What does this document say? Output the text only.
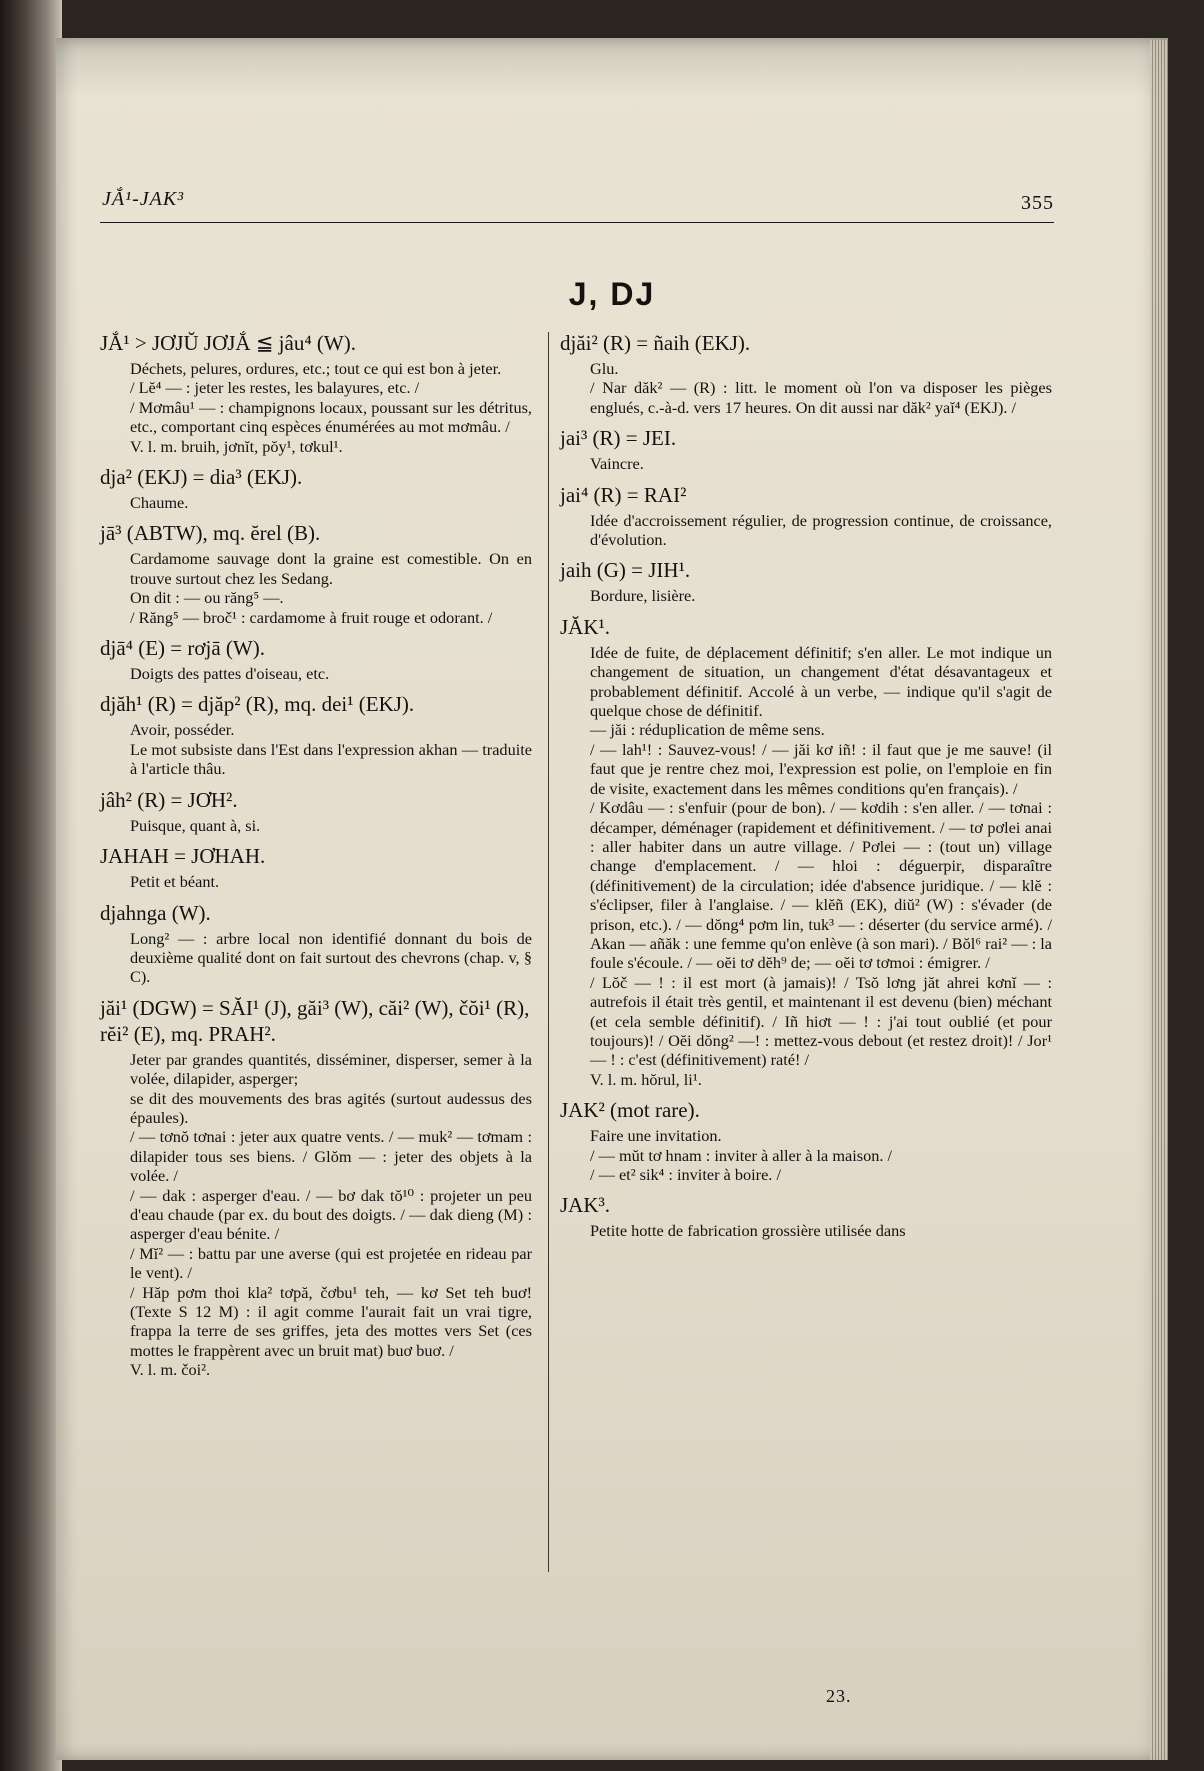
JẮ¹-JAK³	355
J, DJ
JẮ¹ > JƠJŬ JƠJẮ ≦ jâu⁴ (W).

Déchets, pelures, ordures, etc.; tout ce qui est bon à jeter.

/ Lĕ⁴ — : jeter les restes, les balayures, etc. /

/ Mơmâu¹ — : champignons locaux, poussant sur les détritus, etc., comportant cinq espèces énumérées au mot mơmâu. /

V. l. m. bruih, jơnĭt, pŏy¹, tơkul¹.

dja² (EKJ) = dia³ (EKJ).

Chaume.

jā³ (ABTW), mq. ĕrel (B).

Cardamome sauvage dont la graine est comestible. On en trouve surtout chez les Sedang.

On dit : — ou răng⁵ —.

/ Răng⁵ — broč¹ : cardamome à fruit rouge et odorant. /

djā⁴ (E) = rơjā (W).

Doigts des pattes d'oiseau, etc.

djăh¹ (R) = djăp² (R), mq. dei¹ (EKJ).

Avoir, posséder.

Le mot subsiste dans l'Est dans l'expression akhan — traduite à l'article thâu.

jâh² (R) = JƠH².

Puisque, quant à, si.

JAHAH = JƠHAH.

Petit et béant.

djahnga (W).

Long² — : arbre local non identifié donnant du bois de deuxième qualité dont on fait surtout des chevrons (chap. v, § C).

jăi¹ (DGW) = SĂI¹ (J), găi³ (W), căi² (W), čŏi¹ (R), rĕi² (E), mq. PRAH².

Jeter par grandes quantités, disséminer, disperser, semer à la volée, dilapider, asperger;

se dit des mouvements des bras agités (surtout audessus des épaules).

/ — tơnŏ tơnai : jeter aux quatre vents. / — muk² — tơmam : dilapider tous ses biens. / Glŏm — : jeter des objets à la volée. /

/ — dak : asperger d'eau. / — bơ dak tŏ¹⁰ : projeter un peu d'eau chaude (par ex. du bout des doigts. / — dak dieng (M) : asperger d'eau bénite. /

/ Mĭ² — : battu par une averse (qui est projetée en rideau par le vent). /

/ Hăp pơm thoi kla² tơpă, čơbu¹ teh, — kơ Set teh buơ! (Texte S 12 M) : il agit comme l'aurait fait un vrai tigre, frappa la terre de ses griffes, jeta des mottes vers Set (ces mottes le frappèrent avec un bruit mat) buơ buơ. /

V. l. m. čoi².

djăi² (R) = ñaih (EKJ).

Glu.

/ Nar dăk² — (R) : litt. le moment où l'on va disposer les pièges englués, c.-à-d. vers 17 heures. On dit aussi nar dăk² yaĭ⁴ (EKJ). /

jai³ (R) = JEI.

Vaincre.

jai⁴ (R) = RAI²

Idée d'accroissement régulier, de progression continue, de croissance, d'évolution.

jaih (G) = JIH¹.

Bordure, lisière.

JĂK¹.

Idée de fuite, de déplacement définitif; s'en aller. Le mot indique un changement de situation, un changement d'état désavantageux et probablement définitif. Accolé à un verbe, — indique qu'il s'agit de quelque chose de définitif.

— jăi : réduplication de même sens.

/ — lah¹! : Sauvez-vous! / — jăi kơ iñ! : il faut que je me sauve! (il faut que je rentre chez moi, l'expression est polie, on l'emploie en fin de visite, exactement dans les mêmes conditions qu'en français). /

/ Kơdâu — : s'enfuir (pour de bon). / — kơdih : s'en aller. / — tơnai : décamper, déménager (rapidement et définitivement. / — tơ pơlei anai : aller habiter dans un autre village. / Pơlei — : (tout un) village change d'emplacement. / — hloi : déguerpir, disparaître (définitivement) de la circulation; idée d'absence juridique. / — klĕ : s'éclipser, filer à l'anglaise. / — klĕñ (EK), diŭ² (W) : s'évader (de prison, etc.). / — dŏng⁴ pơm lin, tuk³ — : déserter (du service armé). / Akan — añăk : une femme qu'on enlève (à son mari). / Bŏl⁶ rai² — : la foule s'écoule. / — oĕi tơ dĕh⁹ de; — oĕi tơ tơmoi : émigrer. /

/ Lŏč — ! : il est mort (à jamais)! / Tsŏ lơng jăt ahrei kơnĭ — : autrefois il était très gentil, et maintenant il est devenu (bien) méchant (et cela semble définitif). / Iñ hiơt — ! : j'ai tout oublié (et pour toujours)! / Oĕi dŏng² —! : mettez-vous debout (et restez droit)! / Jor¹ — ! : c'est (définitivement) raté! /

V. l. m. hŏrul, li¹.

JAK² (mot rare).

Faire une invitation.

/ — mŭt tơ hnam : inviter à aller à la maison. /

/ — et² sik⁴ : inviter à boire. /

JAK³.

Petite hotte de fabrication grossière utilisée dans

23.
